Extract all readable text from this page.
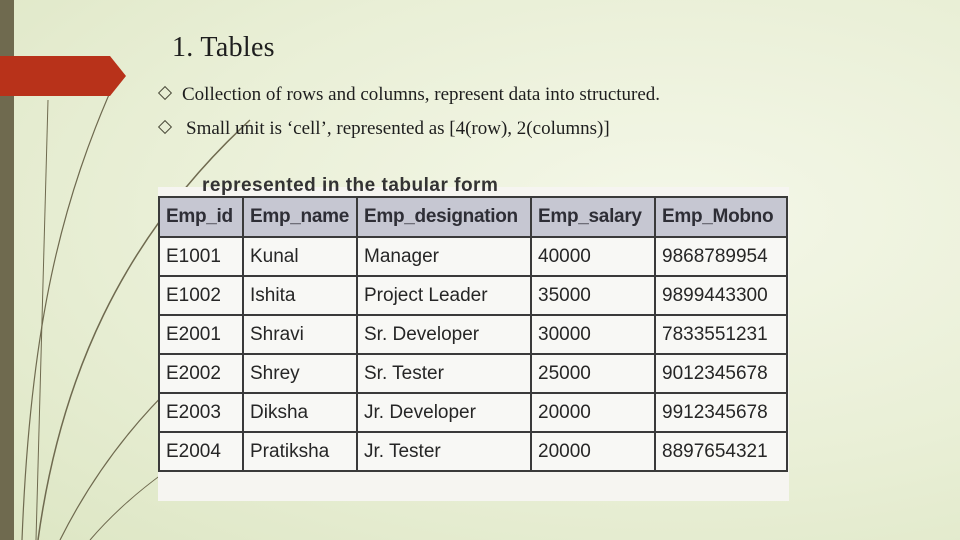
1. Tables
Collection of rows and columns, represent data into structured.
Small unit is ‘cell’, represented as [4(row), 2(columns)]
represented in the tabular form
Emp_id	Emp_name	Emp_designation	Emp_salary	Emp_Mobno
E1001	Kunal	Manager	40000	9868789954
E1002	Ishita	Project Leader	35000	9899443300
E2001	Shravi	Sr. Developer	30000	7833551231
E2002	Shrey	Sr. Tester	25000	9012345678
E2003	Diksha	Jr. Developer	20000	9912345678
E2004	Pratiksha	Jr. Tester	20000	8897654321
